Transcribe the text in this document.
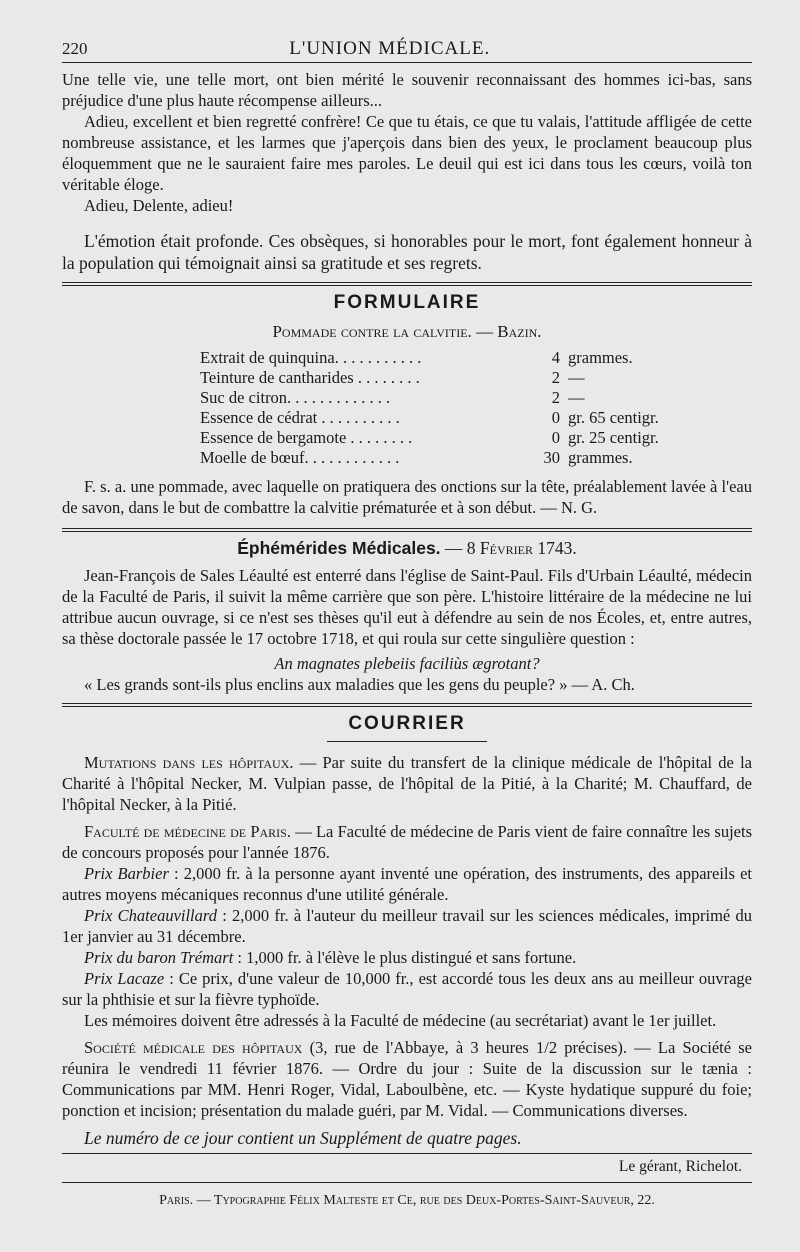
220	L'UNION MÉDICALE.

Une telle vie, une telle mort, ont bien mérité le souvenir reconnaissant des hommes ici-bas, sans préjudice d'une plus haute récompense ailleurs...

Adieu, excellent et bien regretté confrère! Ce que tu étais, ce que tu valais, l'attitude affligée de cette nombreuse assistance, et les larmes que j'aperçois dans bien des yeux, le proclament beaucoup plus éloquemment que ne le sauraient faire mes paroles. Le deuil qui est ici dans tous les cœurs, voilà ton véritable éloge.

Adieu, Delente, adieu!

L'émotion était profonde. Ces obsèques, si honorables pour le mort, font également honneur à la population qui témoignait ainsi sa gratitude et ses regrets.

FORMULAIRE
Pommade contre la calvitie. — Bazin.
Extrait de quinquina. . . . . . . . . . .	4	grammes.
Teinture de cantharides . . . . . . . .	2	—
Suc de citron. . . . . . . . . . . . .	2	—
Essence de cédrat . . . . . . . . . .	0	gr. 65 centigr.
Essence de bergamote . . . . . . . .	0	gr. 25 centigr.
Moelle de bœuf. . . . . . . . . . . .	30	grammes.

F. s. a. une pommade, avec laquelle on pratiquera des onctions sur la tête, préalablement lavée à l'eau de savon, dans le but de combattre la calvitie prématurée et à son début. — N. G.

Éphémérides Médicales. — 8 Février 1743.

Jean-François de Sales Léaulté est enterré dans l'église de Saint-Paul. Fils d'Urbain Léaulté, médecin de la Faculté de Paris, il suivit la même carrière que son père. L'histoire littéraire de la médecine ne lui attribue aucun ouvrage, si ce n'est ses thèses qu'il eut à défendre au sein de nos Écoles, et, entre autres, sa thèse doctorale passée le 17 octobre 1718, et qui roula sur cette singulière question :

An magnates plebeiis faciliùs ægrotant?

« Les grands sont-ils plus enclins aux maladies que les gens du peuple? » — A. Ch.

COURRIER

Mutations dans les hôpitaux. — Par suite du transfert de la clinique médicale de l'hôpital de la Charité à l'hôpital Necker, M. Vulpian passe, de l'hôpital de la Pitié, à la Charité; M. Chauffard, de l'hôpital Necker, à la Pitié.

Faculté de médecine de Paris. — La Faculté de médecine de Paris vient de faire connaître les sujets de concours proposés pour l'année 1876.

Prix Barbier : 2,000 fr. à la personne ayant inventé une opération, des instruments, des appareils et autres moyens mécaniques reconnus d'une utilité générale.

Prix Chateauvillard : 2,000 fr. à l'auteur du meilleur travail sur les sciences médicales, imprimé du 1er janvier au 31 décembre.

Prix du baron Trémart : 1,000 fr. à l'élève le plus distingué et sans fortune.

Prix Lacaze : Ce prix, d'une valeur de 10,000 fr., est accordé tous les deux ans au meilleur ouvrage sur la phthisie et sur la fièvre typhoïde.

Les mémoires doivent être adressés à la Faculté de médecine (au secrétariat) avant le 1er juillet.

Société médicale des hôpitaux (3, rue de l'Abbaye, à 3 heures 1/2 précises). — La Société se réunira le vendredi 11 février 1876. — Ordre du jour : Suite de la discussion sur le tænia : Communications par MM. Henri Roger, Vidal, Laboulbène, etc. — Kyste hydatique suppuré du foie; ponction et incision; présentation du malade guéri, par M. Vidal. — Communications diverses.

Le numéro de ce jour contient un Supplément de quatre pages.

Le gérant, Richelot.
Paris. — Typographie Félix Malteste et Ce, rue des Deux-Portes-Saint-Sauveur, 22.
